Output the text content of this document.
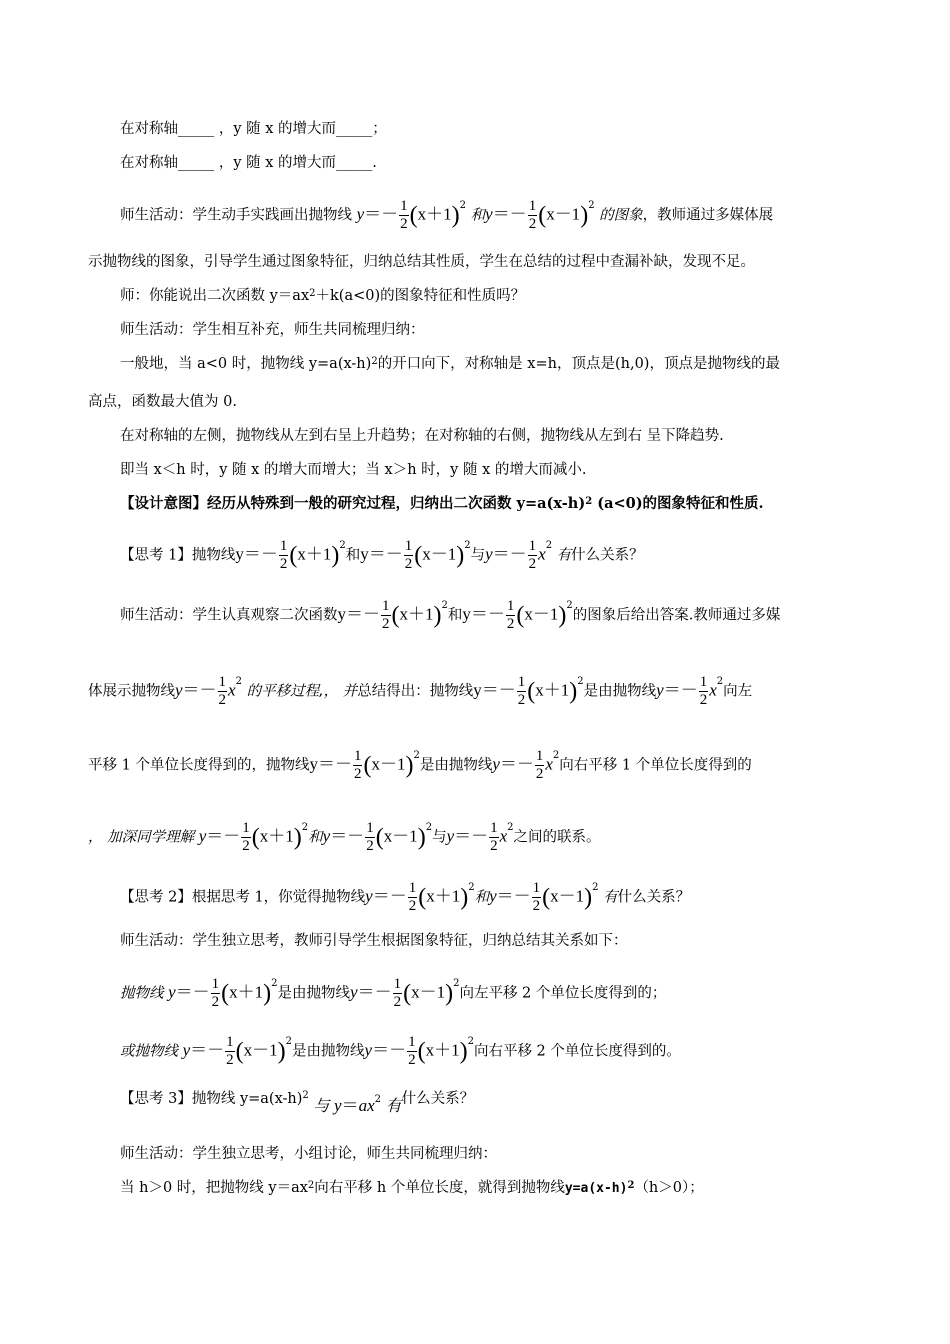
在对称轴_____ ，y 随 x 的增大而_____；
在对称轴_____ ，y 随 x 的增大而_____.
师生活动：学生动手实践画出抛物线 $y=- \frac{1}{2} (x+1)^2$ 和$y=- \frac{1}{2} (x-1)^2$ 的图象，教师通过多媒体展
示抛物线的图象，引导学生通过图象特征，归纳总结其性质，学生在总结的过程中查漏补缺，发现不足。
师：你能说出二次函数 $y=ax^2+k(a<0)$的图象特征和性质吗？
师生活动：学生相互补充，师生共同梳理归纳：
一般地，当 a<0 时，抛物线 $y=a(x-h)^2$的开口向下，对称轴是 x=h，顶点是(h,0)，顶点是抛物线的最
高点，函数最大值为 0.
在对称轴的左侧，抛物线从左到右呈上升趋势；在对称轴的右侧，抛物线从左到右 呈下降趋势.
即当 x＜h 时，y 随 x 的增大而增大；当 x＞h 时，y 随 x 的增大而减小.
【设计意图】经历从特殊到一般的研究过程，归纳出二次函数 $y=a(x-h)^2$ (a<0)的图象特征和性质.
【思考 1】抛物线$y=- \frac{1}{2} (x+1)^2$和$y=- \frac{1}{2} (x-1)^2$与$y=- \frac{1}{2} x^2$ 有什么关系？
师生活动：学生认真观察二次函数$y=- \frac{1}{2} (x+1)^2$和$y=- \frac{1}{2} (x-1)^2$的图象后给出答案.教师通过多媒
体展示抛物线$y=- \frac{1}{2} x^2$ 的平移过程,， 并总结得出：抛物线$y=- \frac{1}{2} (x+1)^2$是由抛物线$y=- \frac{1}{2} x^2$向左
平移 1 个单位长度得到的，抛物线$y=- \frac{1}{2} (x-1)^2$是由抛物线$y=- \frac{1}{2} x^2$向右平移 1 个单位长度得到的
， 加深同学理解 $y=- \frac{1}{2} (x+1)^2$和$y=- \frac{1}{2} (x-1)^2$与$y=- \frac{1}{2} x^2$之间的联系。
【思考 2】根据思考 1，你觉得抛物线$y=- \frac{1}{2} (x+1)^2$和$y=- \frac{1}{2} (x-1)^2$ 有什么关系？
师生活动：学生独立思考，教师引导学生根据图象特征，归纳总结其关系如下：
抛物线 $y=- \frac{1}{2} (x+1)^2$是由抛物线$y=- \frac{1}{2} (x-1)^2$向左平移 2 个单位长度得到的；
或抛物线 $y=- \frac{1}{2} (x-1)^2$是由抛物线$y=- \frac{1}{2} (x+1)^2$向右平移 2 个单位长度得到的。
【思考 3】抛物线 $y=a(x-h)^2$ 与 $y=ax^2$ 有什么关系？
师生活动：学生独立思考，小组讨论，师生共同梳理归纳：
当 h＞0 时，把抛物线 $y=ax^2$向右平移 h 个单位长度，就得到抛物线$y=a(x-h)^2(h>0)$；
